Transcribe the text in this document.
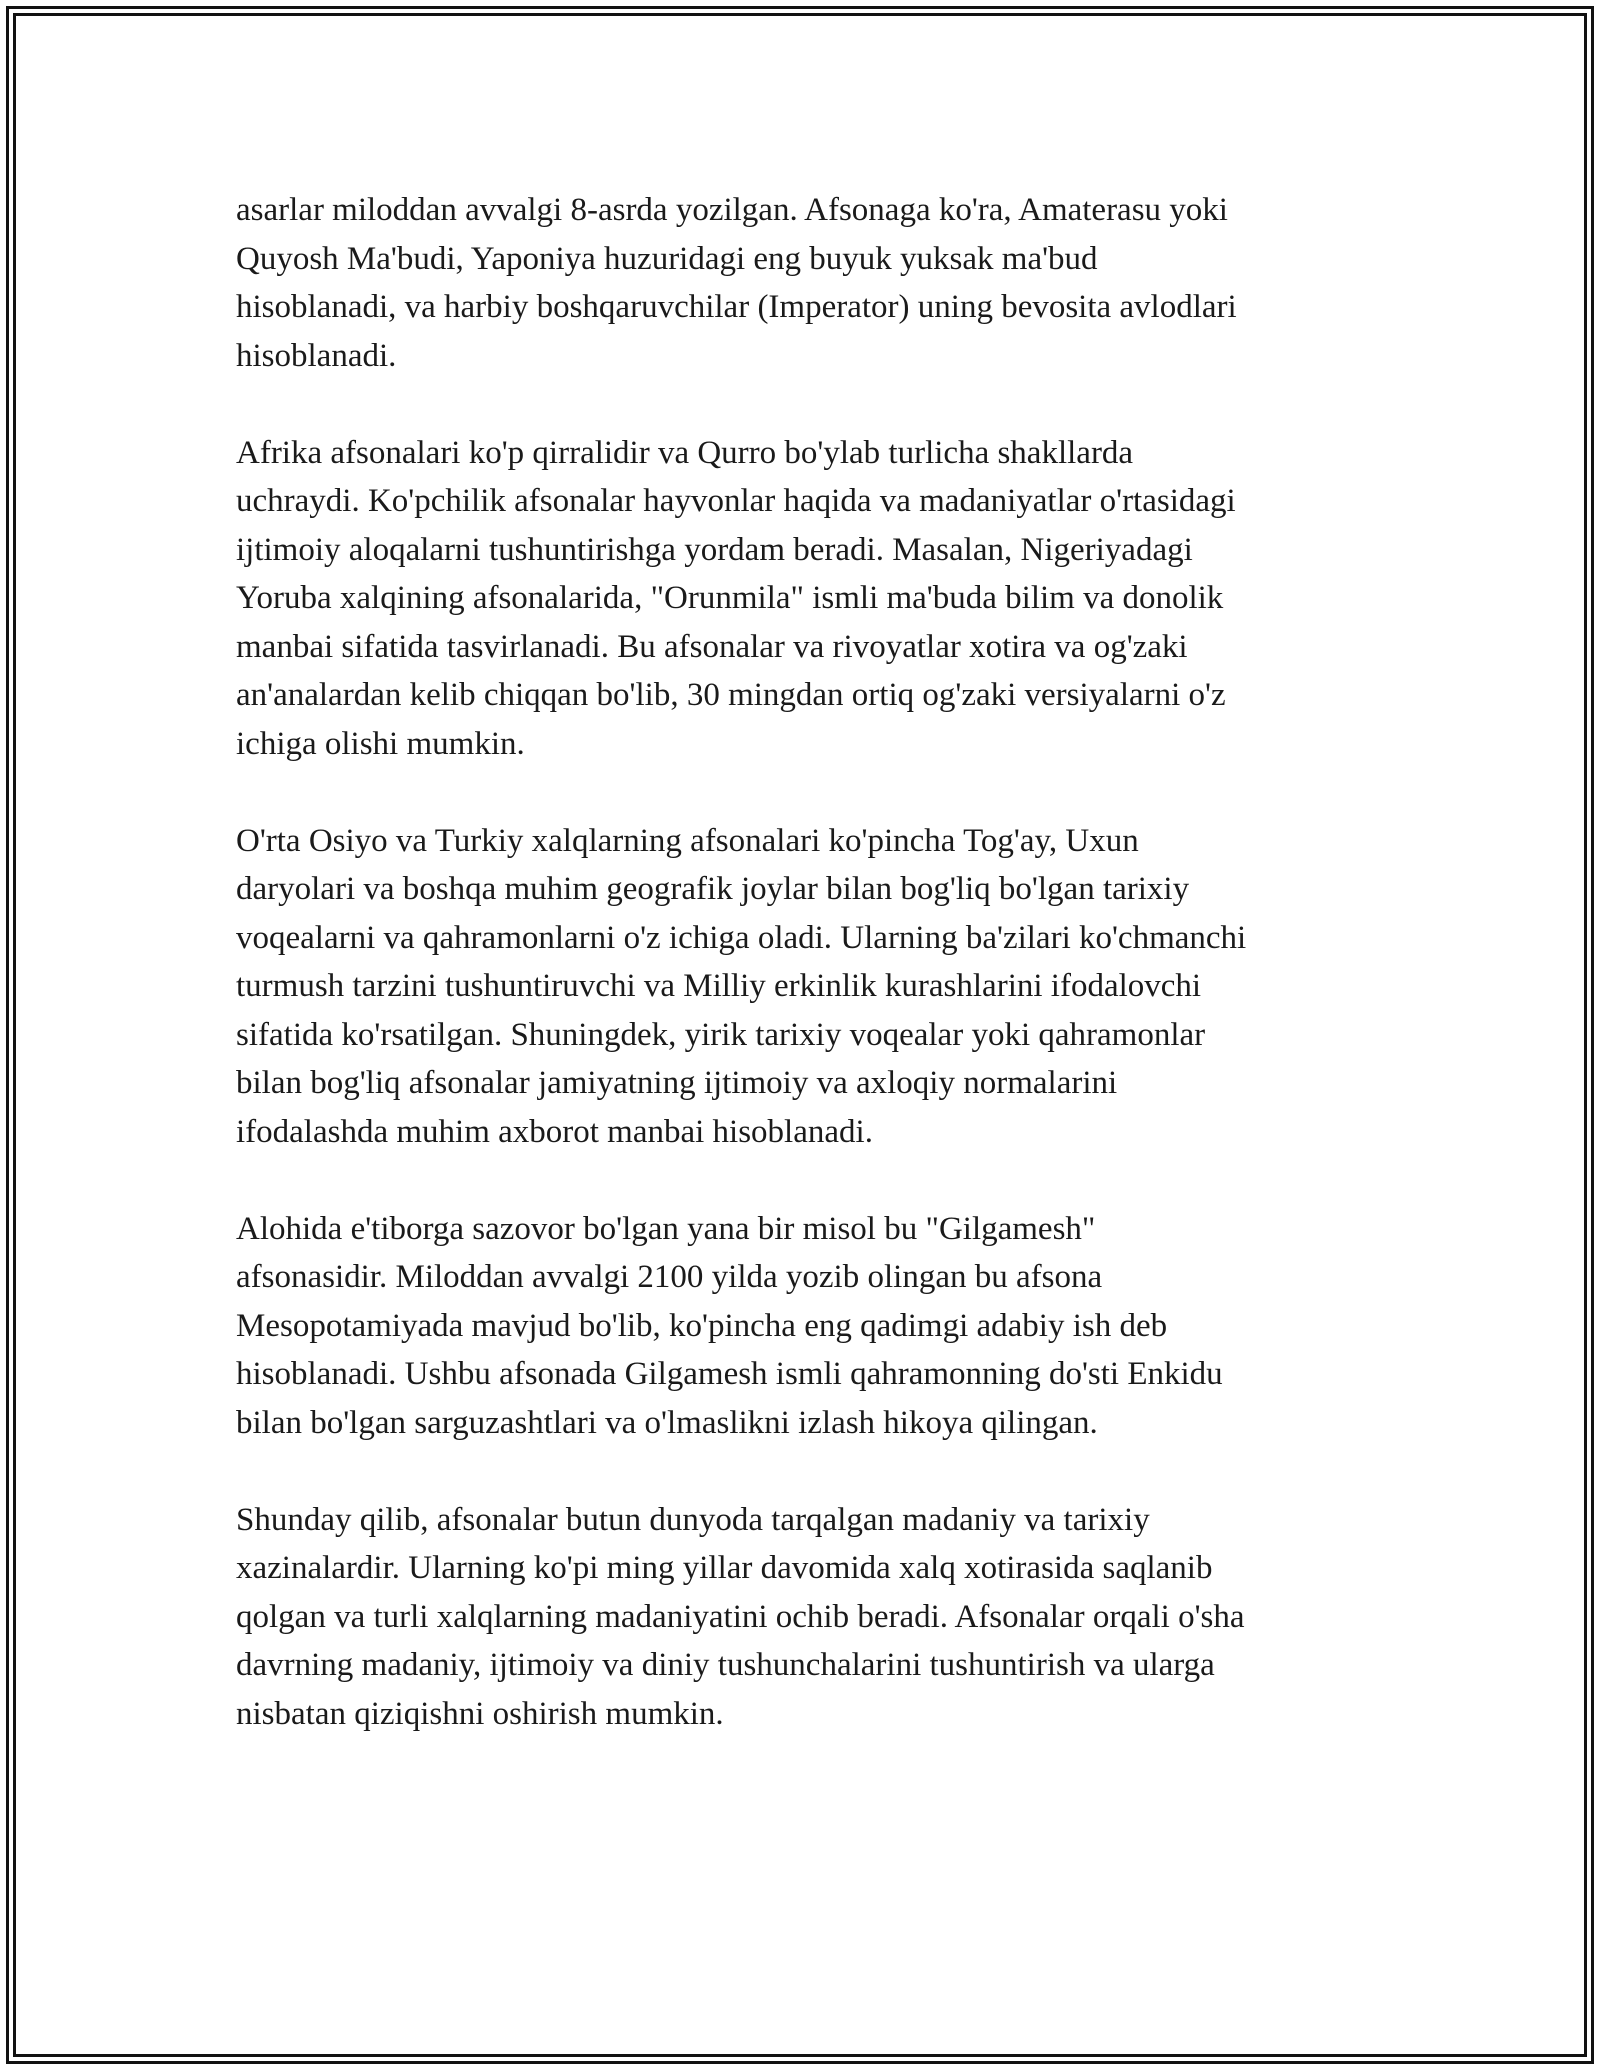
asarlar miloddan avvalgi 8-asrda yozilgan. Afsonaga ko'ra, Amaterasu yoki
Quyosh Ma'budi, Yaponiya huzuridagi eng buyuk yuksak ma'bud
hisoblanadi, va harbiy boshqaruvchilar (Imperator) uning bevosita avlodlari
hisoblanadi.

Afrika afsonalari ko'p qirralidir va Qurro bo'ylab turlicha shakllarda
uchraydi. Ko'pchilik afsonalar hayvonlar haqida va madaniyatlar o'rtasidagi
ijtimoiy aloqalarni tushuntirishga yordam beradi. Masalan, Nigeriyadagi
Yoruba xalqining afsonalarida, "Orunmila" ismli ma'buda bilim va donolik
manbai sifatida tasvirlanadi. Bu afsonalar va rivoyatlar xotira va og'zaki
an'analardan kelib chiqqan bo'lib, 30 mingdan ortiq og'zaki versiyalarni o'z
ichiga olishi mumkin.

O'rta Osiyo va Turkiy xalqlarning afsonalari ko'pincha Tog'ay, Uxun
daryolari va boshqa muhim geografik joylar bilan bog'liq bo'lgan tarixiy
voqealarni va qahramonlarni o'z ichiga oladi. Ularning ba'zilari ko'chmanchi
turmush tarzini tushuntiruvchi va Milliy erkinlik kurashlarini ifodalovchi
sifatida ko'rsatilgan. Shuningdek, yirik tarixiy voqealar yoki qahramonlar
bilan bog'liq afsonalar jamiyatning ijtimoiy va axloqiy normalarini
ifodalashda muhim axborot manbai hisoblanadi.

Alohida e'tiborga sazovor bo'lgan yana bir misol bu "Gilgamesh"
afsonasidir. Miloddan avvalgi 2100 yilda yozib olingan bu afsona
Mesopotamiyada mavjud bo'lib, ko'pincha eng qadimgi adabiy ish deb
hisoblanadi. Ushbu afsonada Gilgamesh ismli qahramonning do'sti Enkidu
bilan bo'lgan sarguzashtlari va o'lmaslikni izlash hikoya qilingan.

Shunday qilib, afsonalar butun dunyoda tarqalgan madaniy va tarixiy
xazinalardir. Ularning ko'pi ming yillar davomida xalq xotirasida saqlanib
qolgan va turli xalqlarning madaniyatini ochib beradi. Afsonalar orqali o'sha
davrning madaniy, ijtimoiy va diniy tushunchalarini tushuntirish va ularga
nisbatan qiziqishni oshirish mumkin.
